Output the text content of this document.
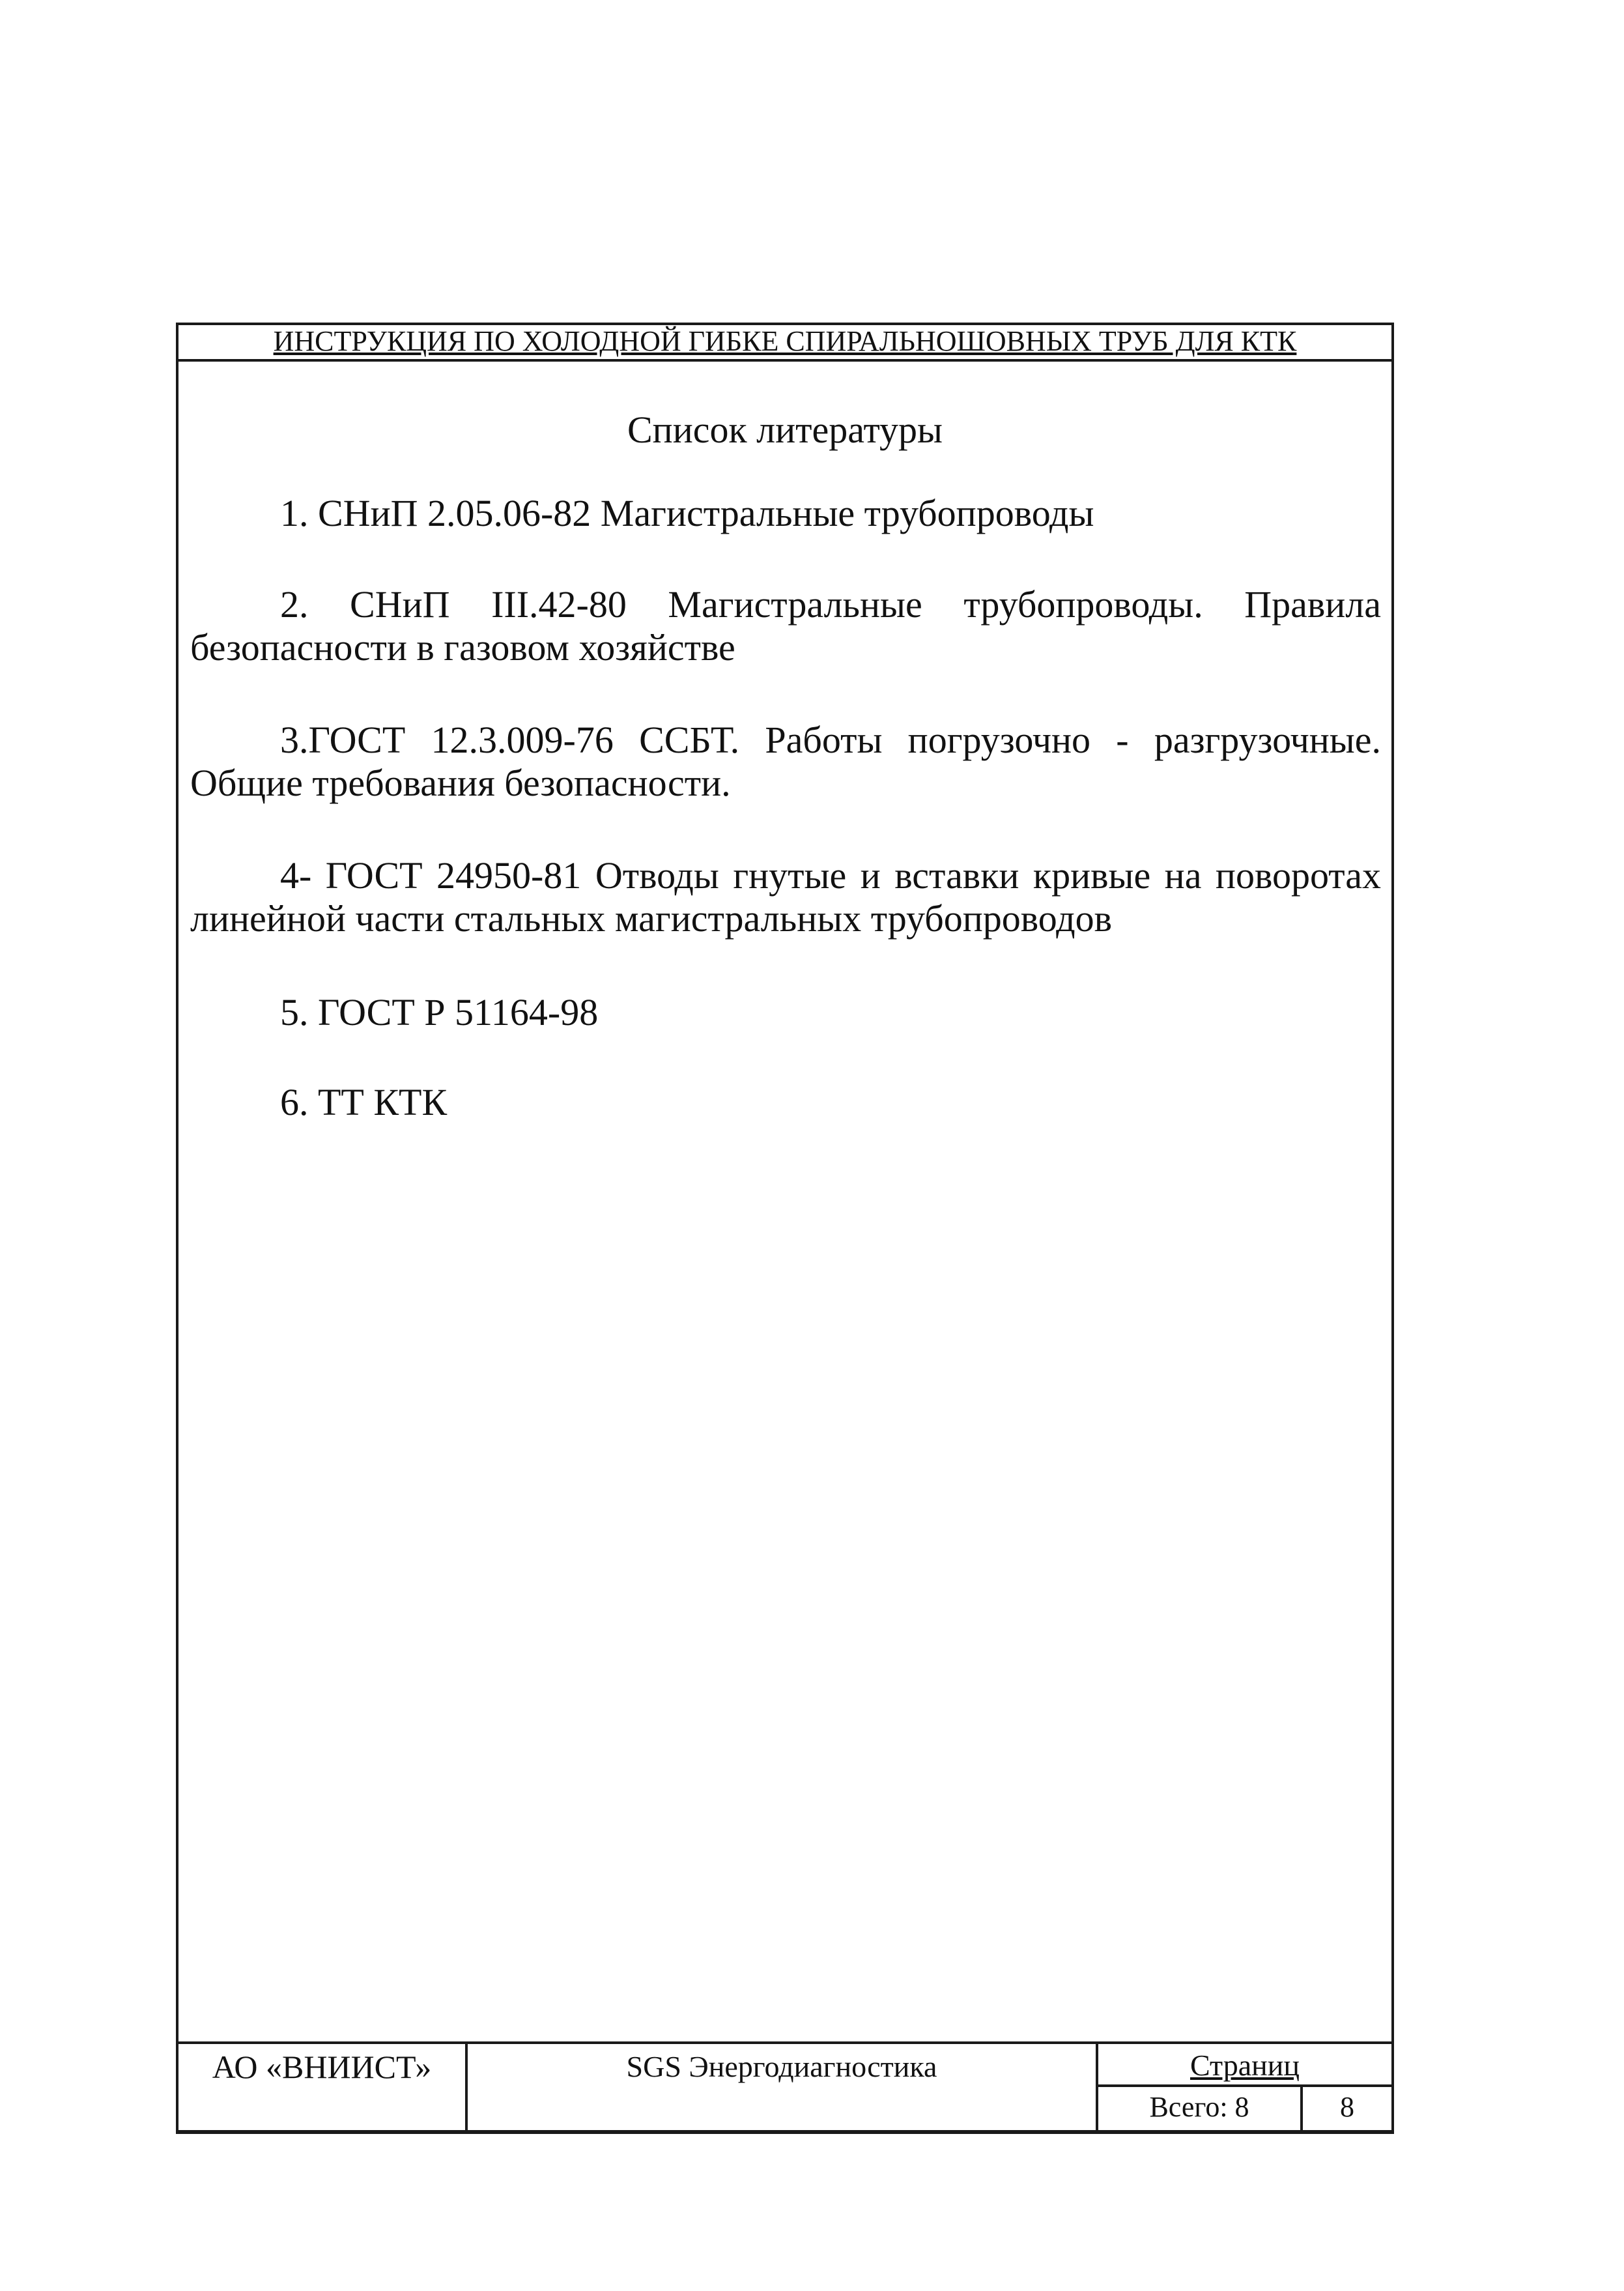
ИНСТРУКЦИЯ ПО ХОЛОДНОЙ ГИБКЕ СПИРАЛЬНОШОВНЫХ ТРУБ ДЛЯ КТК
Список литературы
1. СНиП 2.05.06-82 Магистральные трубопроводы
2. СНиП III.42-80 Магистральные трубопроводы. Правила безопасности в газовом хозяйстве
3.ГОСТ 12.3.009-76 ССБТ. Работы погрузочно - разгрузочные. Общие требования безопасности.
4- ГОСТ 24950-81 Отводы гнутые и вставки кривые на поворотах линейной части стальных магистральных трубопроводов
5. ГОСТ Р 51164-98
6. ТТ КТК
АО «ВНИИСТ»	SGS Энергодиагностика	Страниц
Всего: 8	8
